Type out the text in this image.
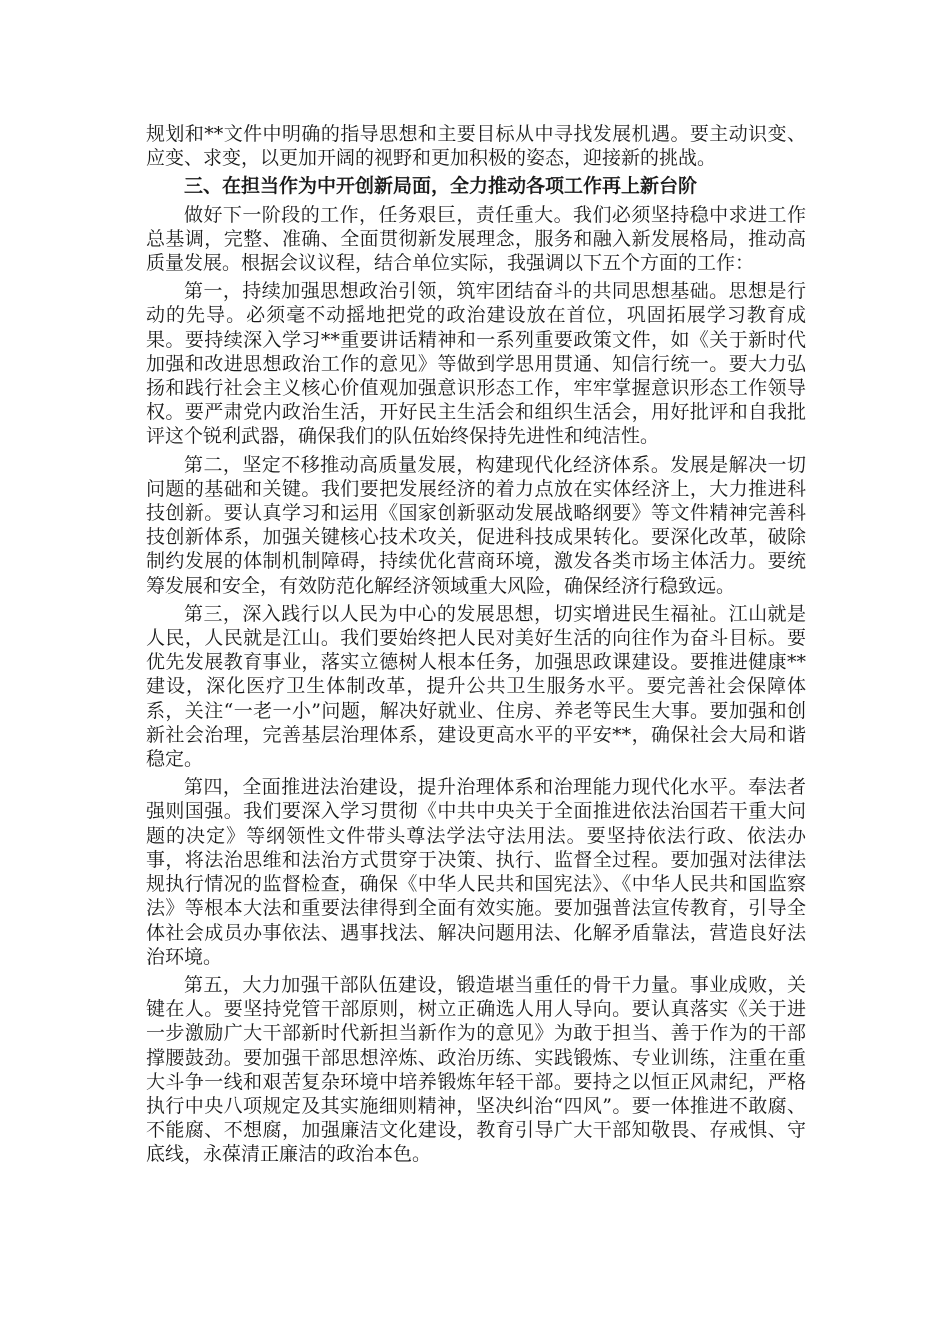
规划和**文件中明确的指导思想和主要目标从中寻找发展机遇。要主动识变、应变、求变，以更加开阔的视野和更加积极的姿态，迎接新的挑战。

三、在担当作为中开创新局面，全力推动各项工作再上新台阶

做好下一阶段的工作，任务艰巨，责任重大。我们必须坚持稳中求进工作总基调，完整、准确、全面贯彻新发展理念，服务和融入新发展格局，推动高质量发展。根据会议议程，结合单位实际，我强调以下五个方面的工作：

第一，持续加强思想政治引领，筑牢团结奋斗的共同思想基础。思想是行动的先导。必须毫不动摇地把党的政治建设放在首位，巩固拓展学习教育成果。要持续深入学习**重要讲话精神和一系列重要政策文件，如《关于新时代加强和改进思想政治工作的意见》等做到学思用贯通、知信行统一。要大力弘扬和践行社会主义核心价值观加强意识形态工作，牢牢掌握意识形态工作领导权。要严肃党内政治生活，开好民主生活会和组织生活会，用好批评和自我批评这个锐利武器，确保我们的队伍始终保持先进性和纯洁性。

第二，坚定不移推动高质量发展，构建现代化经济体系。发展是解决一切问题的基础和关键。我们要把发展经济的着力点放在实体经济上，大力推进科技创新。要认真学习和运用《国家创新驱动发展战略纲要》等文件精神完善科技创新体系，加强关键核心技术攻关，促进科技成果转化。要深化改革，破除制约发展的体制机制障碍，持续优化营商环境，激发各类市场主体活力。要统筹发展和安全，有效防范化解经济领域重大风险，确保经济行稳致远。

第三，深入践行以人民为中心的发展思想，切实增进民生福祉。江山就是人民，人民就是江山。我们要始终把人民对美好生活的向往作为奋斗目标。要优先发展教育事业，落实立德树人根本任务，加强思政课建设。要推进健康**建设，深化医疗卫生体制改革，提升公共卫生服务水平。要完善社会保障体系，关注“一老一小”问题，解决好就业、住房、养老等民生大事。要加强和创新社会治理，完善基层治理体系，建设更高水平的平安**，确保社会大局和谐稳定。

第四，全面推进法治建设，提升治理体系和治理能力现代化水平。奉法者强则国强。我们要深入学习贯彻《中共中央关于全面推进依法治国若干重大问题的决定》等纲领性文件带头尊法学法守法用法。要坚持依法行政、依法办事，将法治思维和法治方式贯穿于决策、执行、监督全过程。要加强对法律法规执行情况的监督检查，确保《中华人民共和国宪法》、《中华人民共和国监察法》等根本大法和重要法律得到全面有效实施。要加强普法宣传教育，引导全体社会成员办事依法、遇事找法、解决问题用法、化解矛盾靠法，营造良好法治环境。

第五，大力加强干部队伍建设，锻造堪当重任的骨干力量。事业成败，关键在人。要坚持党管干部原则，树立正确选人用人导向。要认真落实《关于进一步激励广大干部新时代新担当新作为的意见》为敢于担当、善于作为的干部撑腰鼓劲。要加强干部思想淬炼、政治历练、实践锻炼、专业训练，注重在重大斗争一线和艰苦复杂环境中培养锻炼年轻干部。要持之以恒正风肃纪，严格执行中央八项规定及其实施细则精神，坚决纠治“四风”。要一体推进不敢腐、不能腐、不想腐，加强廉洁文化建设，教育引导广大干部知敬畏、存戒惧、守底线，永葆清正廉洁的政治本色。
